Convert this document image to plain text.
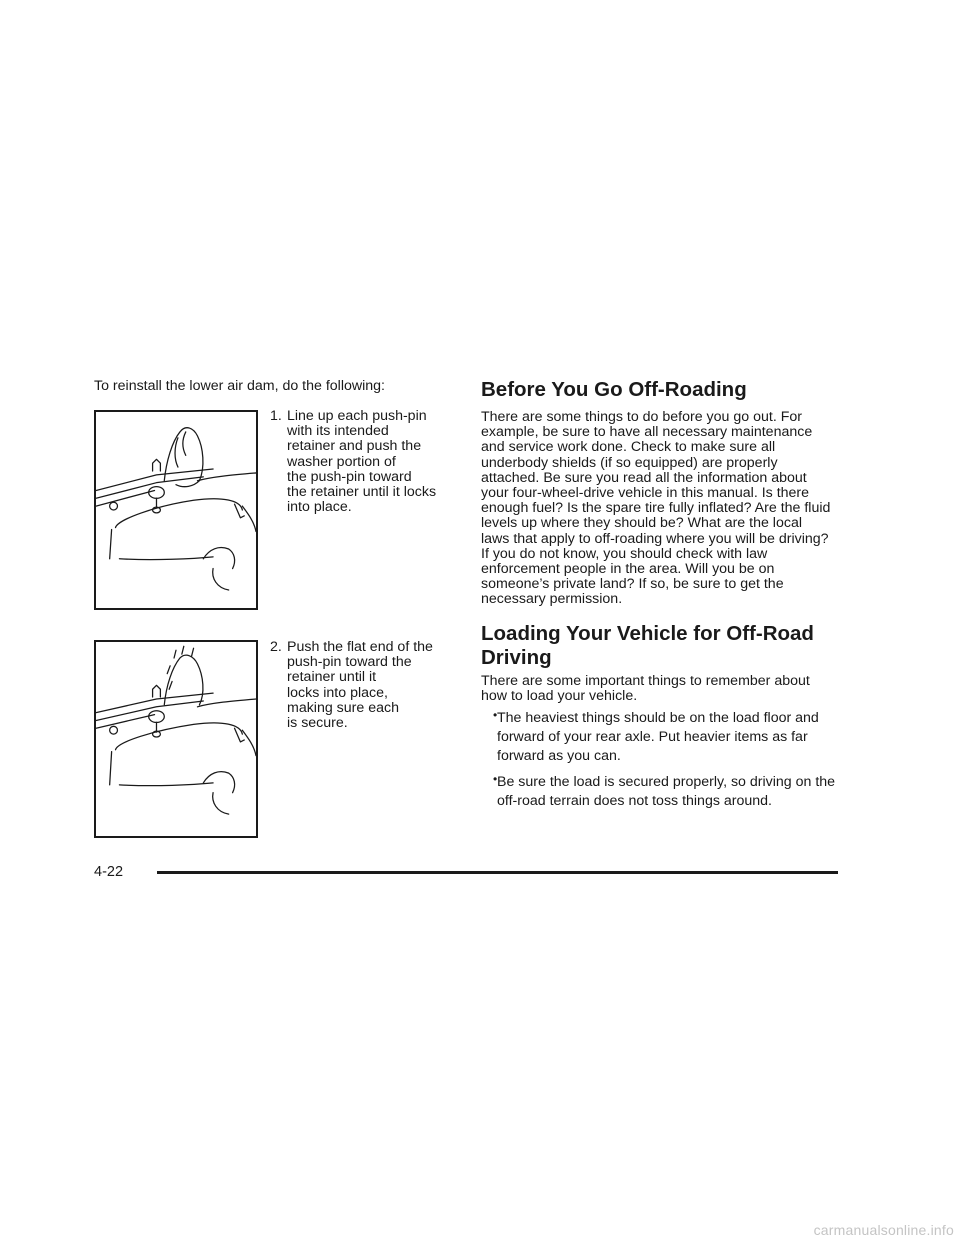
To reinstall the lower air dam, do the following:
1. Line up each push-pin
with its intended
retainer and push the
washer portion of
the push-pin toward
the retainer until it locks
into place.
2. Push the flat end of the
push-pin toward the
retainer until it
locks into place,
making sure each
is secure.
Before You Go Off-Roading
There are some things to do before you go out. For example, be sure to have all necessary maintenance and service work done. Check to make sure all underbody shields (if so equipped) are properly attached. Be sure you read all the information about your four-wheel-drive vehicle in this manual. Is there enough fuel? Is the spare tire fully inflated? Are the fluid levels up where they should be? What are the local laws that apply to off-roading where you will be driving? If you do not know, you should check with law enforcement people in the area. Will you be on someone’s private land? If so, be sure to get the necessary permission.
Loading Your Vehicle for Off-Road Driving
There are some important things to remember about how to load your vehicle.
• The heaviest things should be on the load floor and forward of your rear axle. Put heavier items as far forward as you can.
• Be sure the load is secured properly, so driving on the off-road terrain does not toss things around.
4-22
carmanualsonline.info
